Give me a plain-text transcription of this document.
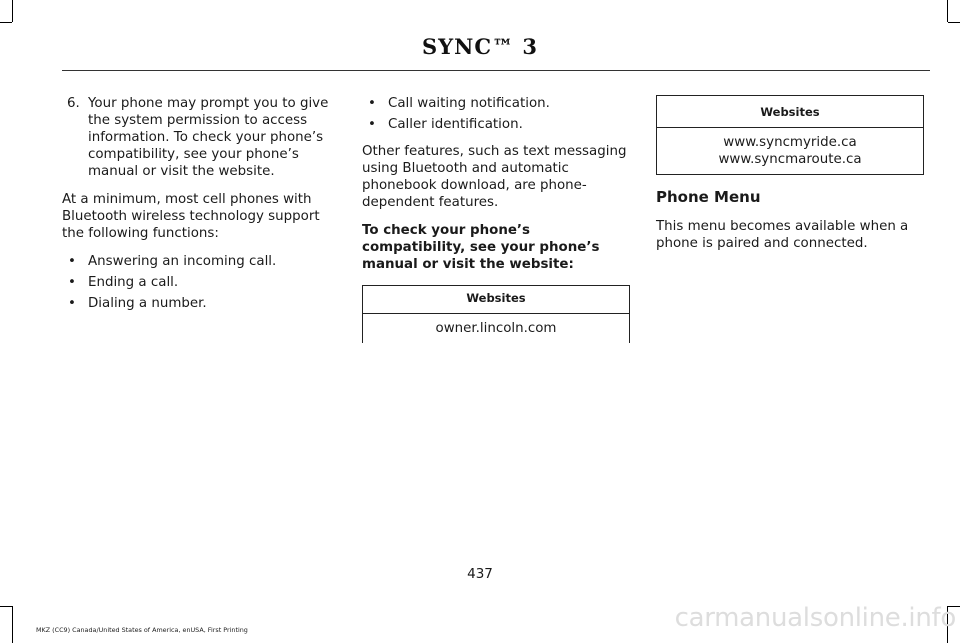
SYNC™ 3
6. Your phone may prompt you to give the system permission to access information. To check your phone’s compatibility, see your phone’s manual or visit the website.

At a minimum, most cell phones with Bluetooth wireless technology support the following functions:

• Answering an incoming call.
• Ending a call.
• Dialing a number.
• Call waiting notification.
• Caller identification.

Other features, such as text messaging using Bluetooth and automatic phonebook download, are phone-dependent features.

To check your phone’s compatibility, see your phone’s manual or visit the website:

Websites
owner.lincoln.com
Websites
www.syncmyride.ca
www.syncmaroute.ca
Phone Menu

This menu becomes available when a phone is paired and connected.

437
MKZ (CC9) Canada/United States of America, enUSA, First Printing	carmanualsonline.info
